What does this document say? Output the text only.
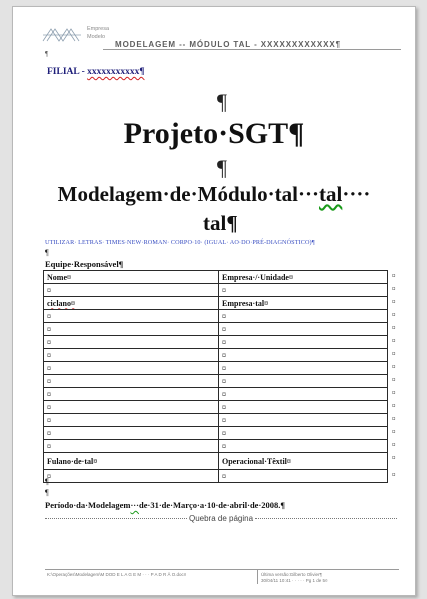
Empresa
Modelo
MODELAGEM -- MÓDULO TAL - XXXXXXXXXXXX¶
¶
FILIAL - xxxxxxxxxxx¶
¶
Projeto·SGT¶
¶
Modelagem·de·Módulo·tal···tal····
tal¶
UTILIZAR· LETRAS· TIMES·NEW·ROMAN· CORPO·10· (IGUAL· AO·DO·PRÉ-DIAGNÓSTICO)¶
¶
Equipe·Responsável¶
Nome¤	Empresa·/·Unidade¤
¤	¤
ciclano¤	Empresa·tal¤
¤	¤
¤	¤
¤	¤
¤	¤
¤	¤
¤	¤
¤	¤
¤	¤
¤	¤
¤	¤
¤	¤
Fulano·de·tal¤	Operacional·Têxtil¤
¤	¤
¤
¤
¤
¤
¤
¤
¤
¤
¤
¤
¤
¤
¤
¤
¤
¤
¶
¶
Período·da·Modelagem···de·31·de·Março·a·10·de·abril·de·2008.¶
Quebra de página
K:\Operações\Modelagem\M DOD E L A G E M · · · P A D R Ã O.doc¤	Última versão:Gilberto Olivier¶
30/04/11 10:41 · · · · · Pg 1 de 5¤
